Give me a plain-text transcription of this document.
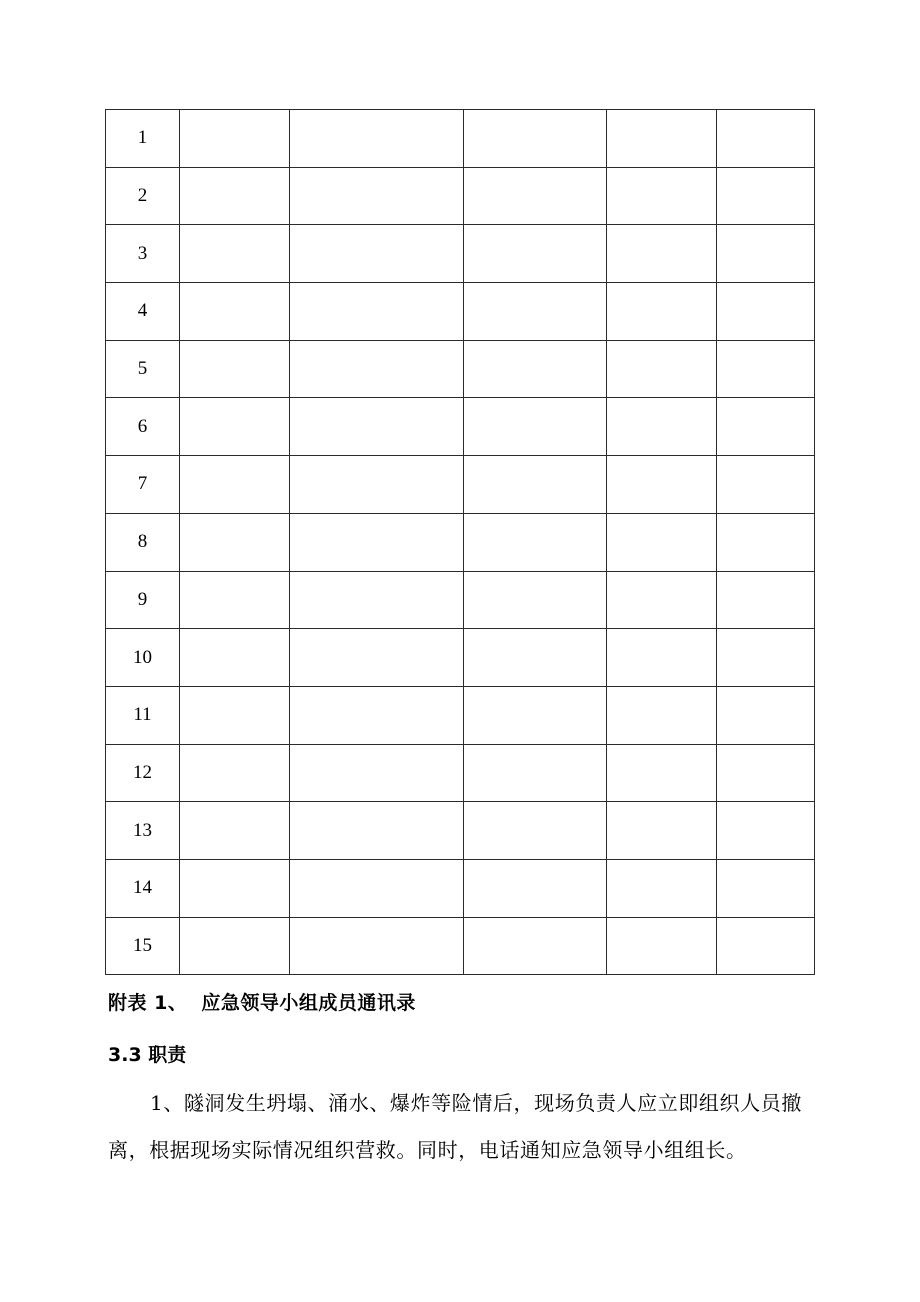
1					
2					
3					
4					
5					
6					
7					
8					
9					
10					
11					
12					
13					
14					
15					
附表 1、 应急领导小组成员通讯录
3.3 职责

1、隧洞发生坍塌、涌水、爆炸等险情后，现场负责人应立即组织人员撤离，根据现场实际情况组织营救。同时，电话通知应急领导小组组长。
